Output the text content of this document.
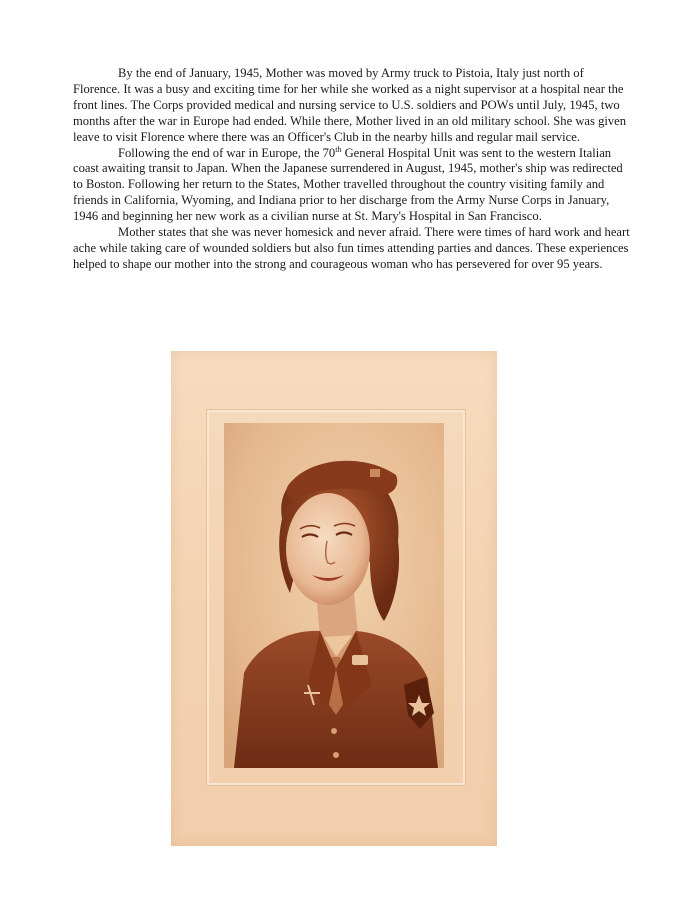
By the end of January, 1945, Mother was moved by Army truck to Pistoia, Italy just north of Florence. It was a busy and exciting time for her while she worked as a night supervisor at a hospital near the front lines. The Corps provided medical and nursing service to U.S. soldiers and POWs until July, 1945, two months after the war in Europe had ended. While there, Mother lived in an old military school. She was given leave to visit Florence where there was an Officer's Club in the nearby hills and regular mail service.

Following the end of war in Europe, the 70th General Hospital Unit was sent to the western Italian coast awaiting transit to Japan. When the Japanese surrendered in August, 1945, mother's ship was redirected to Boston. Following her return to the States, Mother travelled throughout the country visiting family and friends in California, Wyoming, and Indiana prior to her discharge from the Army Nurse Corps in January, 1946 and beginning her new work as a civilian nurse at St. Mary's Hospital in San Francisco.

Mother states that she was never homesick and never afraid. There were times of hard work and heart ache while taking care of wounded soldiers but also fun times attending parties and dances. These experiences helped to shape our mother into the strong and courageous woman who has persevered for over 95 years.
